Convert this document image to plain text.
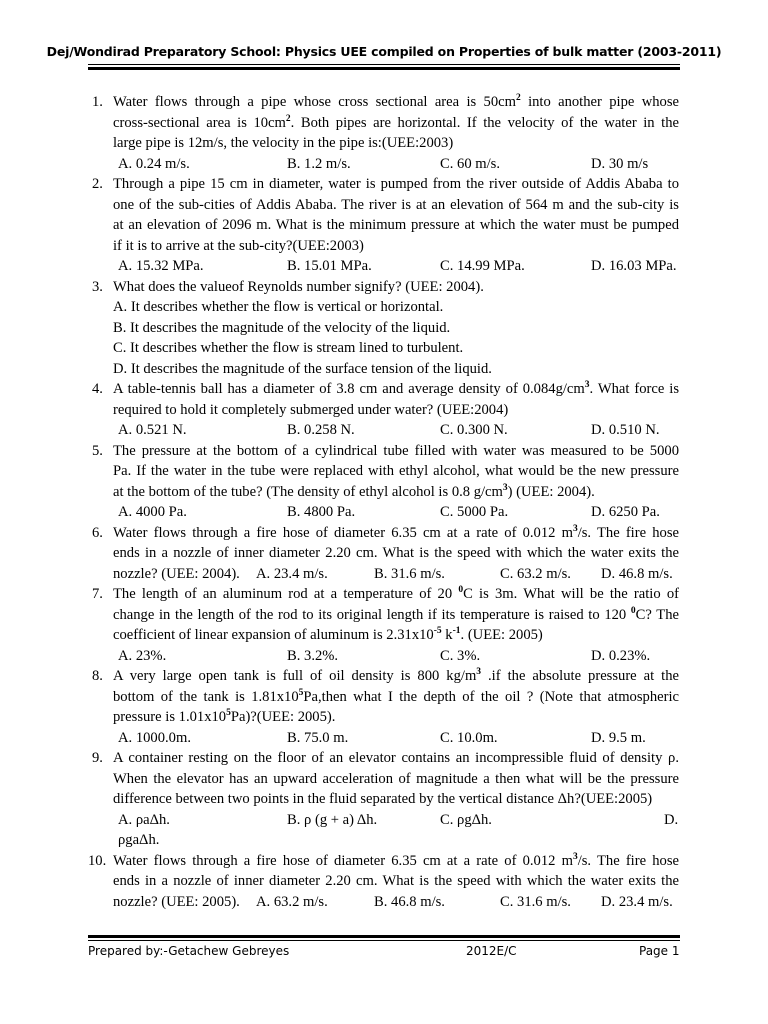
Dej/Wondirad Preparatory School: Physics UEE compiled on Properties of bulk matter (2003-2011)
1. Water flows through a pipe whose cross sectional area is $50cm^2$ into another pipe whose
cross-sectional area is $10cm^2$. Both pipes are horizontal. If the velocity of the water in the
large pipe is 12m/s, the velocity in the pipe is:(UEE:2003)
A. 0.24 m/s.	B. 1.2 m/s.	C. 60 m/s.	D. 30 m/s
2. Through a pipe 15 cm in diameter, water is pumped from the river outside of Addis Ababa to
one of the sub-cities of Addis Ababa. The river is at an elevation of 564 m and the sub-city is
at an elevation of 2096 m. What is the minimum pressure at which the water must be pumped
if it is to arrive at the sub-city?(UEE:2003)
A. 15.32 MPa.	B. 15.01 MPa.	C. 14.99 MPa.	D. 16.03 MPa.
3. What does the valueof Reynolds number signify? (UEE: 2004).
A. It describes whether the flow is vertical or horizontal.
B. It describes the magnitude of the velocity of the liquid.
C. It describes whether the flow is stream lined to turbulent.
D. It describes the magnitude of the surface tension of the liquid.
4. A table-tennis ball has a diameter of 3.8 cm and average density of $0.084g/cm^3$. What force is
required to hold it completely submerged under water? (UEE:2004)
A. 0.521 N.	B. 0.258 N.	C. 0.300 N.	D. 0.510 N.
5. The pressure at the bottom of a cylindrical tube filled with water was measured to be 5000
Pa. If the water in the tube were replaced with ethyl alcohol, what would be the new pressure
at the bottom of the tube? (The density of ethyl alcohol is 0.8 $g/cm^3$) (UEE: 2004).
A. 4000 Pa.	B. 4800 Pa.	C. 5000 Pa.	D. 6250 Pa.
6. Water flows through a fire hose of diameter 6.35 cm at a rate of 0.012 $m^3/s$. The fire hose
ends in a nozzle of inner diameter 2.20 cm. What is the speed with which the water exits the
nozzle? (UEE: 2004). A. 23.4 m/s.	B. 31.6 m/s.	C. 63.2 m/s. D. 46.8 m/s.
7. The length of an aluminum rod at a temperature of 20 $^0$C is 3m. What will be the ratio of
change in the length of the rod to its original length if its temperature is raised to 120 $^0$C? The
coefficient of linear expansion of aluminum is $2.31x10^{-5}$ $k^{-1}$. (UEE: 2005)
A. 23%.	B. 3.2%.	C. 3%.	D. 0.23%.
8. A very large open tank is full of oil density is 800 $kg/m^3$ .if the absolute pressure at the
bottom of the tank is $1.81x10^5Pa,then$ what I the depth of the oil ? (Note that atmospheric
pressure is $1.01x10^5Pa)?(UEE$: 2005).
A. 1000.0m.	B. 75.0 m.	C. 10.0m.	D. 9.5 m.
9. A container resting on the floor of an elevator contains an incompressible fluid of density ρ.
When the elevator has an upward acceleration of magnitude a then what will be the pressure
difference between two points in the fluid separated by the vertical distance Δh?(UEE:2005)
A. ρaΔh.	B. ρ (g + a) Δh.	C. ρgΔh.	D.
ρgaΔh.
10. Water flows through a fire hose of diameter 6.35 cm at a rate of 0.012 $m^3/s$. The fire hose
ends in a nozzle of inner diameter 2.20 cm. What is the speed with which the water exits the
nozzle? (UEE: 2005). A. 63.2 m/s.	B. 46.8 m/s.	C. 31.6 m/s. D. 23.4 m/s.
Prepared by:-Getachew Gebreyes	2012E/C	Page 1
